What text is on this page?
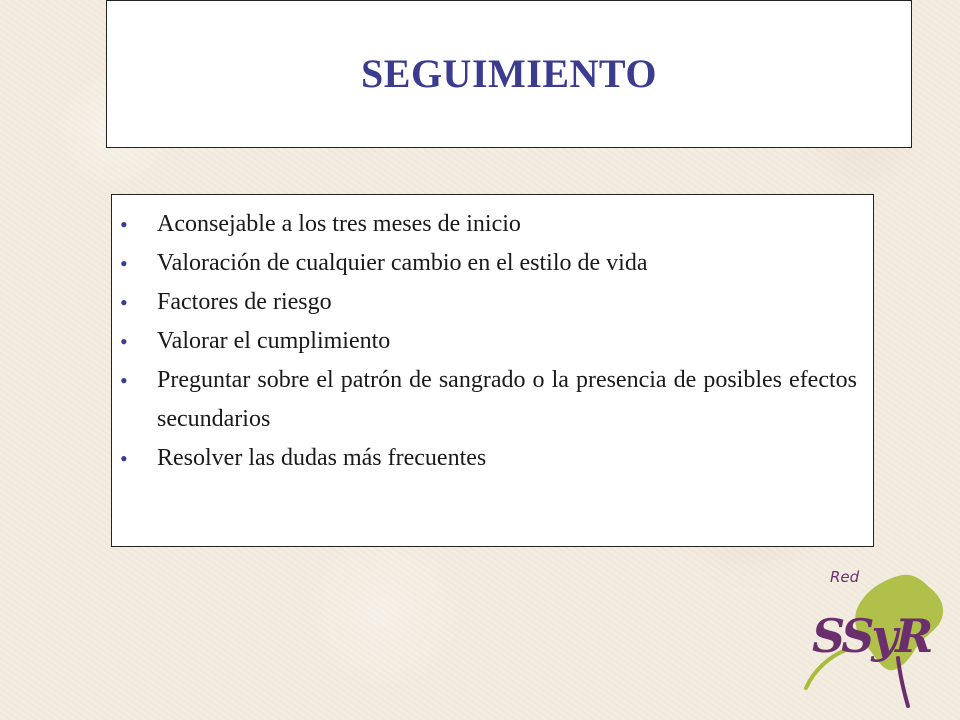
SEGUIMIENTO
• Aconsejable a los tres meses de inicio
• Valoración de cualquier cambio en el estilo de vida
• Factores de riesgo
• Valorar el cumplimiento
• Preguntar sobre el patrón de sangrado o la presencia de posibles efectos secundarios
• Resolver las dudas más frecuentes
Red
SSyR
